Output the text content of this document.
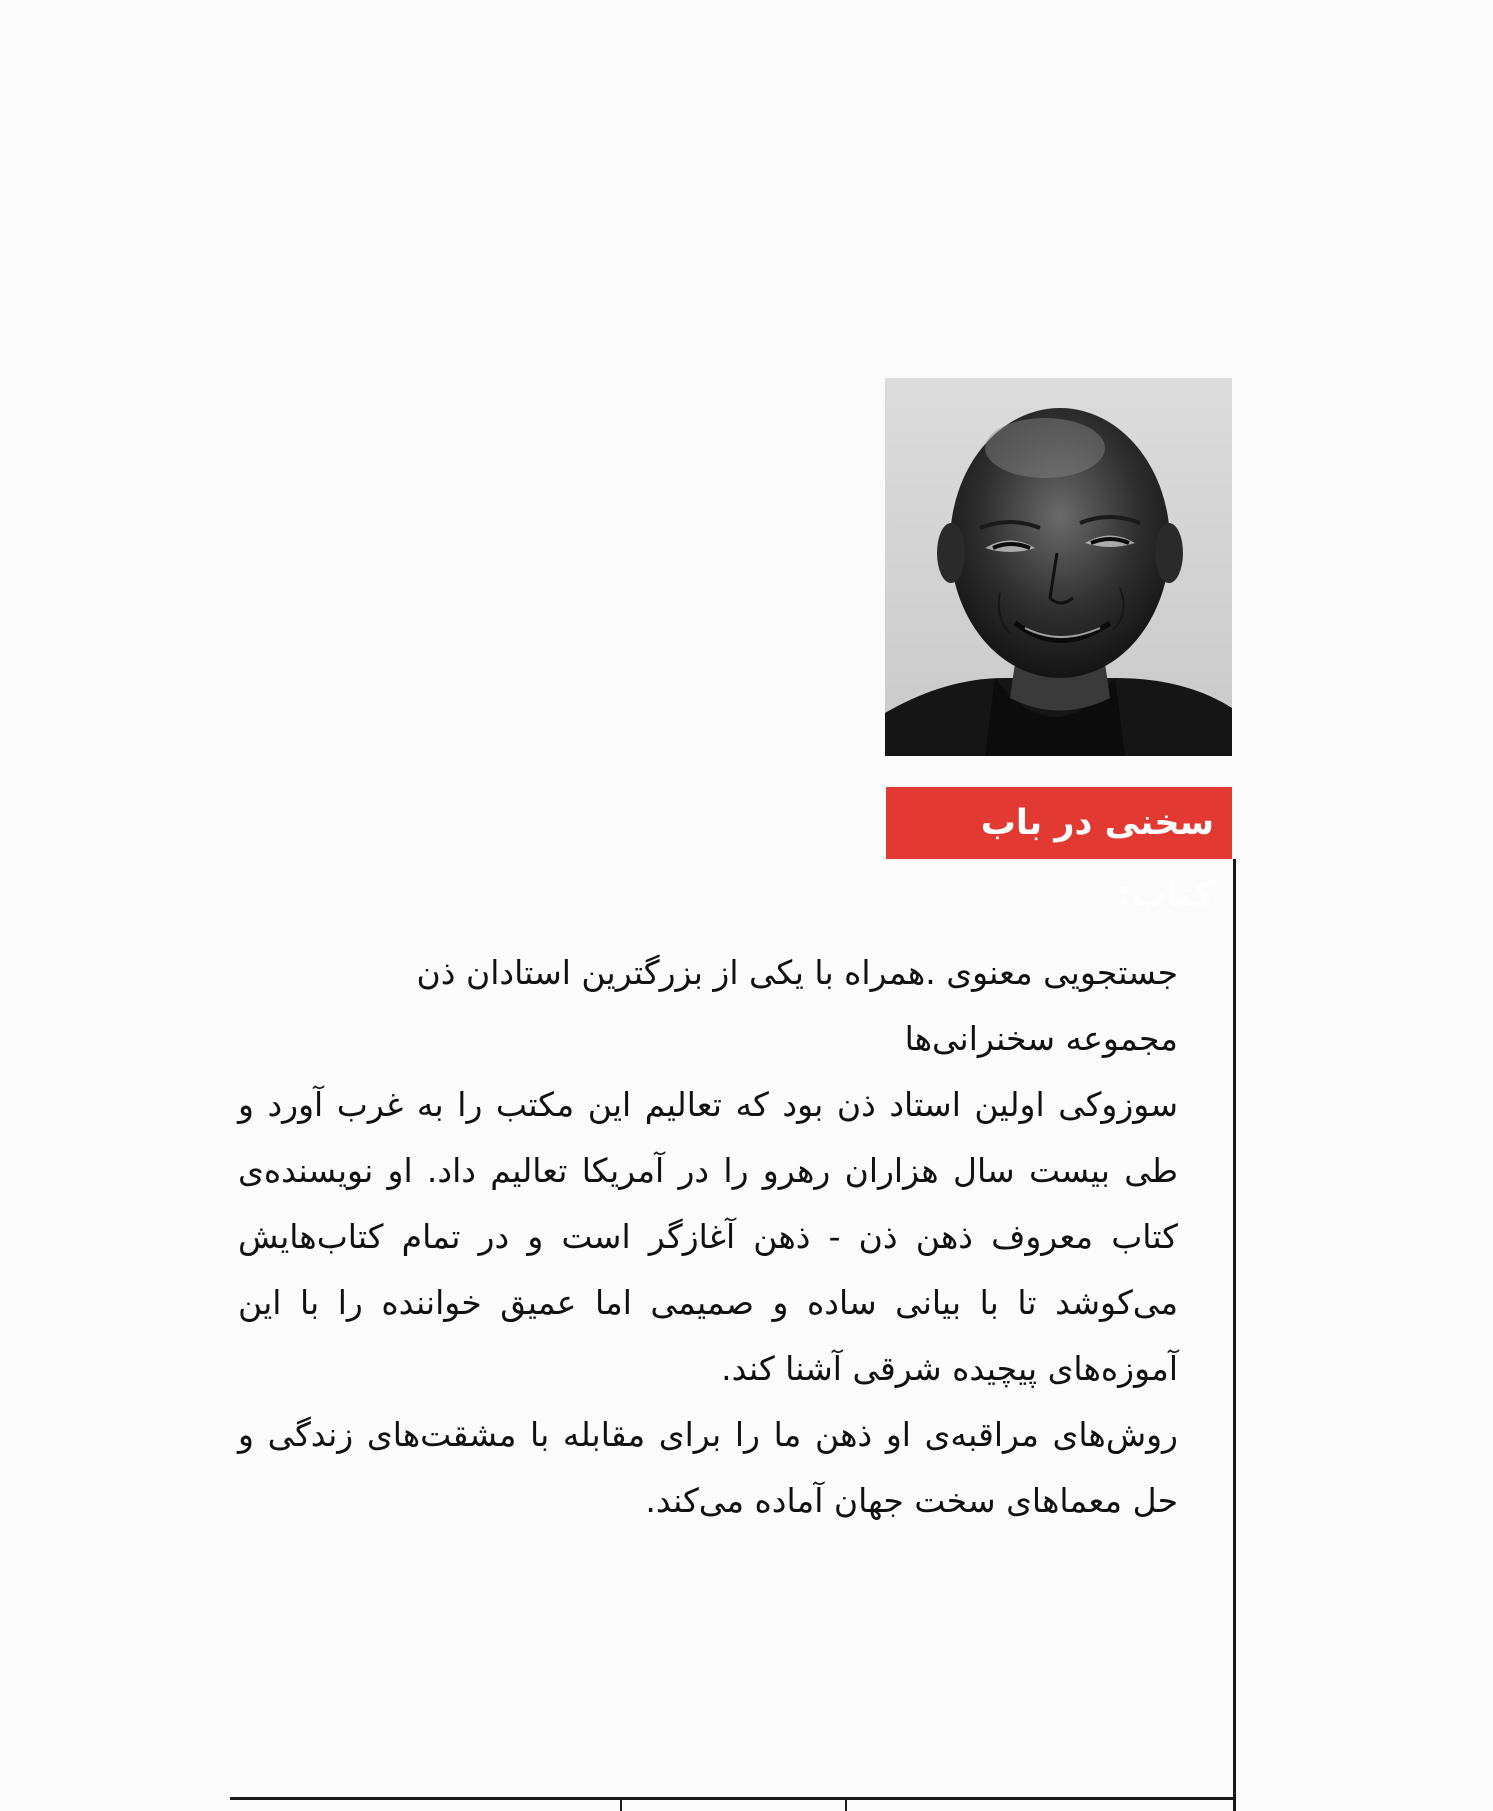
سخنی در باب کتاب:

جستجویی معنوی .همراه با یکی از بزرگترین استادان ذن

مجموعه سخنرانی‌ها

سوزوکی اولین استاد ذن بود که تعالیم این مکتب را به غرب آورد و طی بیست سال هزاران رهرو را در آمریکا تعالیم داد. او نویسنده‌ی کتاب معروف ذهن ذن - ذهن آغازگر است و در تمام کتاب‌هایش می‌کوشد تا با بیانی ساده و صمیمی اما عمیق خواننده را با این آموزه‌های پیچیده شرقی آشنا کند.

روش‌های مراقبه‌ی او ذهن ما را برای مقابله با مشقت‌های زندگی و حل معماهای سخت جهان آماده می‌کند.
